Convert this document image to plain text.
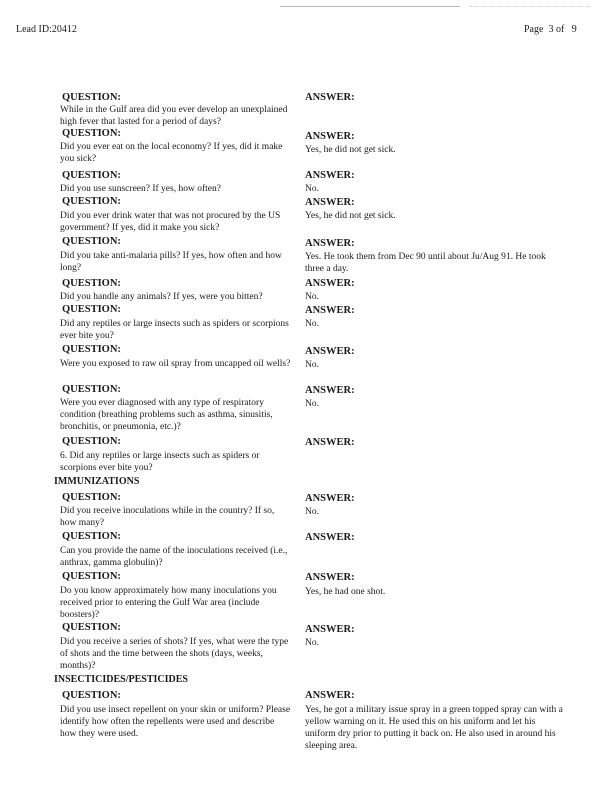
Lead ID:20412	Page  3 of   9
QUESTION:
While in the Gulf area did you ever develop an unexplained high fever that lasted for a period of days?
ANSWER:
QUESTION:
Did you ever eat on the local economy? If yes, did it make you sick?
ANSWER:
Yes, he did not get sick.
QUESTION:
Did you use sunscreen? If yes, how often?
ANSWER:
No.
QUESTION:
Did you ever drink water that was not procured by the US government? If yes, did it make you sick?
ANSWER:
Yes, he did not get sick.
QUESTION:
Did you take anti-malaria pills? If yes, how often and how long?
ANSWER:
Yes. He took them from Dec 90 until about Ju/Aug 91. He took three a day.
QUESTION:
Did you handle any animals? If yes, were you bitten?
ANSWER:
No.
QUESTION:
Did any reptiles or large insects such as spiders or scorpions ever bite you?
ANSWER:
No.
QUESTION:
Were you exposed to raw oil spray from uncapped oil wells?
ANSWER:
No.
QUESTION:
Were you ever diagnosed with any type of respiratory condition (breathing problems such as asthma, sinusitis, bronchitis, or pneumonia, etc.)?
ANSWER:
No.
QUESTION:
6. Did any reptiles or large insects such as spiders or scorpions ever bite you?
ANSWER:
IMMUNIZATIONS
QUESTION:
Did you receive inoculations while in the country? If so, how many?
ANSWER:
No.
QUESTION:
Can you provide the name of the inoculations received (i.e., anthrax, gamma globulin)?
ANSWER:
QUESTION:
Do you know approximately how many inoculations you received prior to entering the Gulf War area (include boosters)?
ANSWER:
Yes, he had one shot.
QUESTION:
Did you receive a series of shots? If yes, what were the type of shots and the time between the shots (days, weeks, months)?
ANSWER:
No.
INSECTICIDES/PESTICIDES
QUESTION:
Did you use insect repellent on your skin or uniform? Please identify how often the repellents were used and describe how they were used.
ANSWER:
Yes, he got a military issue spray in a green topped spray can with a yellow warning on it. He used this on his uniform and let his uniform dry prior to putting it back on. He also used in around his sleeping area.
